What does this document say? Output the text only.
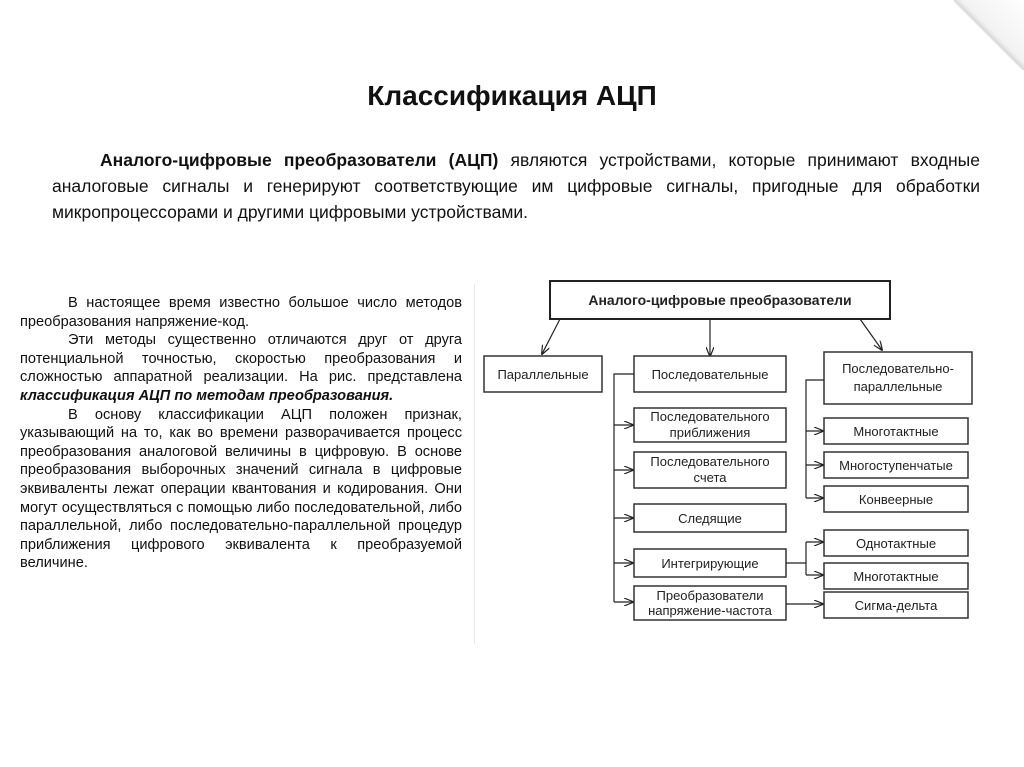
Классификация АЦП
Аналого-цифровые преобразователи (АЦП) являются устройствами, которые принимают входные аналоговые сигналы и генерируют соответствующие им цифровые сигналы, пригодные для обработки микропроцессорами и другими цифровыми устройствами.

В настоящее время известно большое число методов преобразования напряжение-код.

Эти методы существенно отличаются друг от друга потенциальной точностью, скоростью преобразования и сложностью аппаратной реализации. На рис. представлена классификация АЦП по методам преобразования.

В основу классификации АЦП положен признак, указывающий на то, как во времени разворачивается процесс преобразования аналоговой величины в цифровую. В основе преобразования выборочных значений сигнала в цифровые эквиваленты лежат операции квантования и кодирования. Они могут осуществляться с помощью либо последовательной, либо параллельной, либо последовательно-параллельной процедур приближения цифрового эквивалента к преобразуемой величине.

Аналого-цифровые преобразователи
Параллельные	Последовательные	Последовательно-
параллельные
Последовательного
приближения
Последовательного
счета
Следящие
Интегрирующие
Преобразователи
напряжение-частота
Многотактные
Многоступенчатые
Конвеерные
Однотактные
Многотактные
Сигма-дельта
